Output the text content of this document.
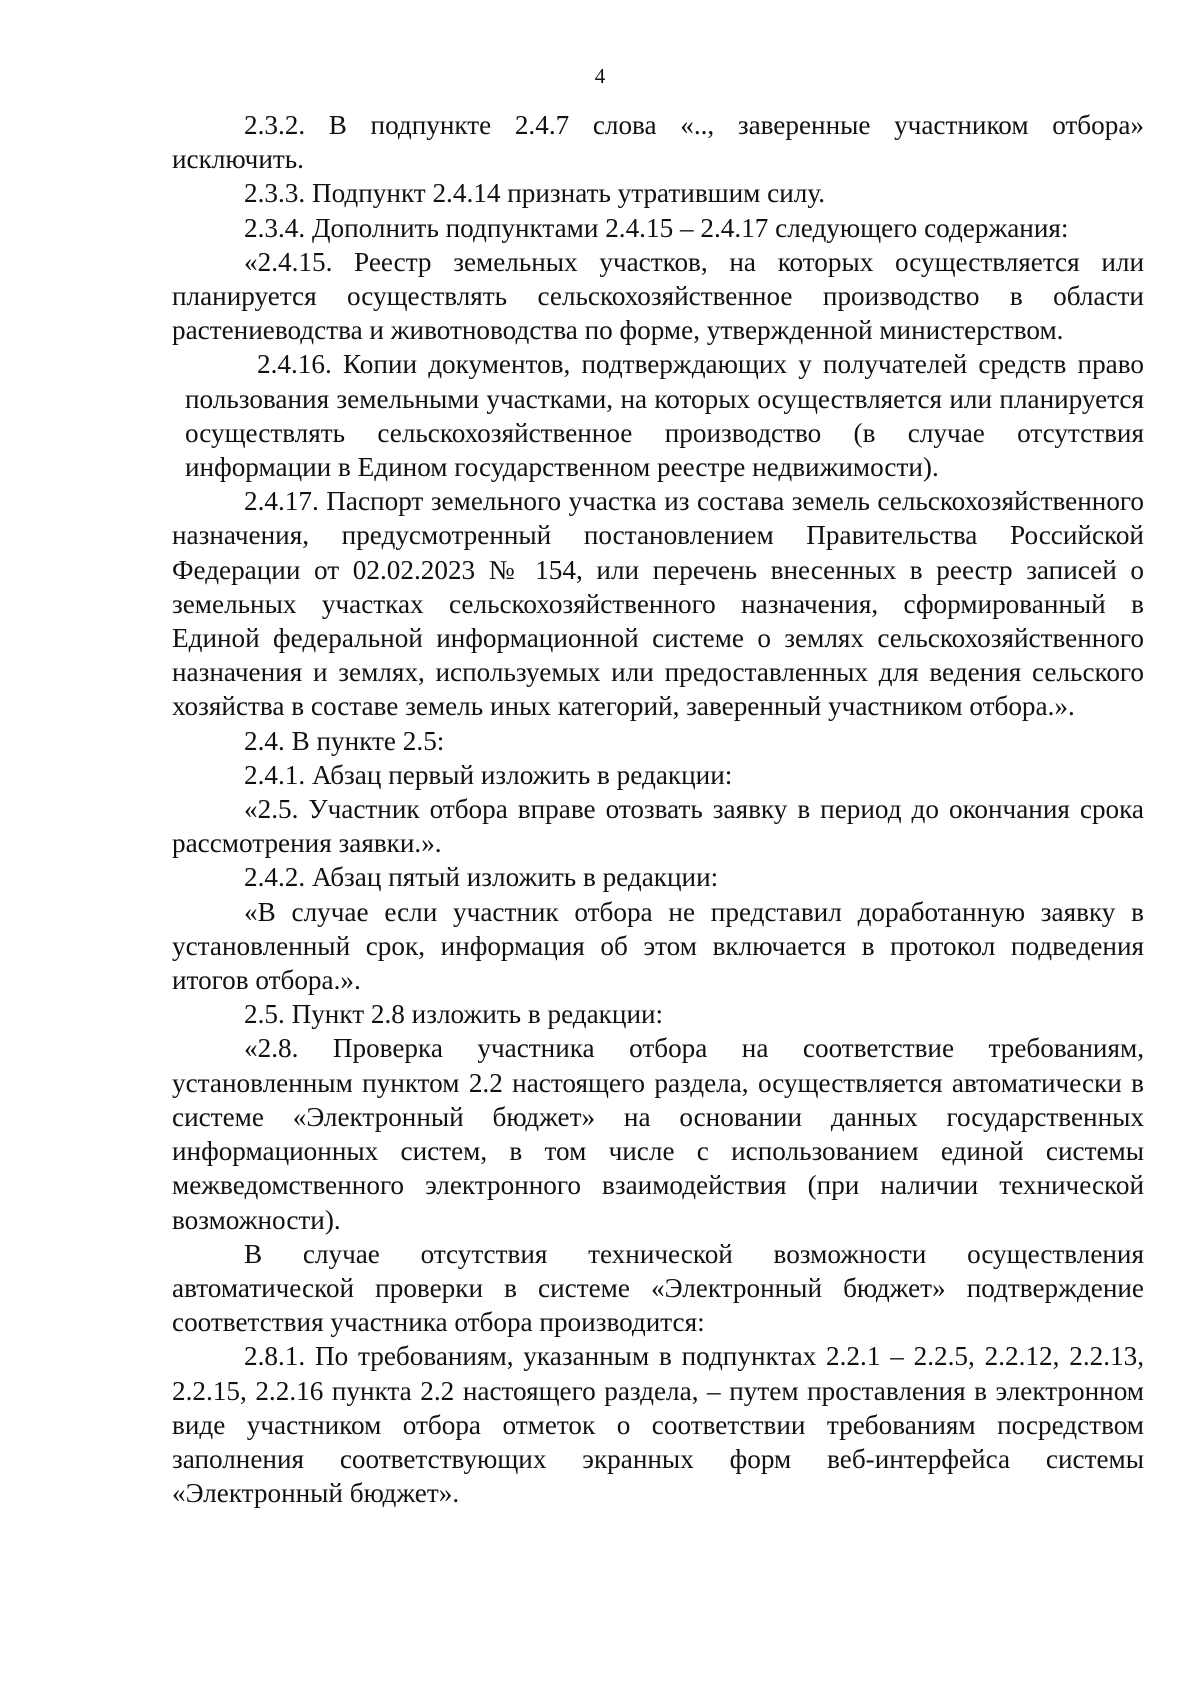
4

2.3.2. В подпункте 2.4.7 слова «.., заверенные участником отбора» исключить.

2.3.3. Подпункт 2.4.14 признать утратившим силу.

2.3.4. Дополнить подпунктами 2.4.15 – 2.4.17 следующего содержания:

«2.4.15. Реестр земельных участков, на которых осуществляется или планируется осуществлять сельскохозяйственное производство в области растениеводства и животноводства по форме, утвержденной министерством.

2.4.16. Копии документов, подтверждающих у получателей средств право пользования земельными участками, на которых осуществляется или планируется осуществлять сельскохозяйственное производство (в случае отсутствия информации в Едином государственном реестре недвижимости).

2.4.17. Паспорт земельного участка из состава земель сельскохозяйственного назначения, предусмотренный постановлением Правительства Российской Федерации от 02.02.2023 № 154, или перечень внесенных в реестр записей о земельных участках сельскохозяйственного назначения, сформированный в Единой федеральной информационной системе о землях сельскохозяйственного назначения и землях, используемых или предоставленных для ведения сельского хозяйства в составе земель иных категорий, заверенный участником отбора.».

2.4. В пункте 2.5:

2.4.1. Абзац первый изложить в редакции:

«2.5. Участник отбора вправе отозвать заявку в период до окончания срока рассмотрения заявки.».

2.4.2. Абзац пятый изложить в редакции:

«В случае если участник отбора не представил доработанную заявку в установленный срок, информация об этом включается в протокол подведения итогов отбора.».

2.5. Пункт 2.8 изложить в редакции:

«2.8. Проверка участника отбора на соответствие требованиям, установленным пунктом 2.2 настоящего раздела, осуществляется автоматически в системе «Электронный бюджет» на основании данных государственных информационных систем, в том числе с использованием единой системы межведомственного электронного взаимодействия (при наличии технической возможности).

В случае отсутствия технической возможности осуществления автоматической проверки в системе «Электронный бюджет» подтверждение соответствия участника отбора производится:

2.8.1. По требованиям, указанным в подпунктах 2.2.1 – 2.2.5, 2.2.12, 2.2.13, 2.2.15, 2.2.16 пункта 2.2 настоящего раздела, – путем проставления в электронном виде участником отбора отметок о соответствии требованиям посредством заполнения соответствующих экранных форм веб-интерфейса системы «Электронный бюджет».
